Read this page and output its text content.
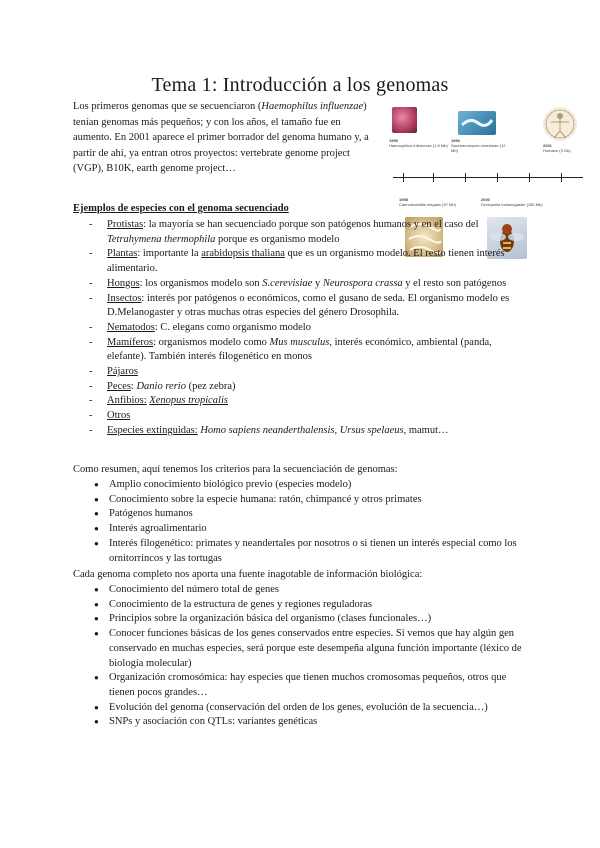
Tema 1: Introducción a los genomas
Los primeros genomas que se secuenciaron (Haemophilus influenzae) tenían genomas más pequeños; y con los años, el tamaño fue en aumento. En 2001 aparece el primer borrador del genoma humano y, a partir de ahí, ya entran otros proyectos: vertebrate genome project (VGP), B10K, earth genome project…
1995
Haemophilus influenzae (1.8 Mb)
1996
Saccharomyces cerevisiae (12 Mb)
2001
Humano (3 Gb)
1998
Caenorhabditis elegans (97 Mb)
2000
Drosophila melanogaster (180 Mb)
Ejemplos de especies con el genoma secuenciado
- Protistas: la mayoría se han secuenciado porque son patógenos humanos y en el caso del Tetrahymena thermophila porque es organismo modelo
- Plantas: importante la arabidopsis thaliana que es un organismo modelo. El resto tienen interés alimentario.
- Hongos: los organismos modelo son S.cerevisiae y Neurospora crassa y el resto son patógenos
- Insectos: interés por patógenos o económicos, como el gusano de seda. El organismo modelo es D.Melanogaster y otras muchas otras especies del género Drosophila.
- Nematodos: C. elegans como organismo modelo
- Mamíferos: organismos modelo como Mus musculus, interés económico, ambiental (panda, elefante). También interés filogenético en monos
- Pájaros
- Peces: Danio rerio (pez zebra)
- Anfibios: Xenopus tropicalis
- Otros
- Especies extinguidas: Homo sapiens neanderthalensis, Ursus spelaeus, mamut…
Como resumen, aquí tenemos los criterios para la secuenciación de genomas:
● Amplio conocimiento biológico previo (especies modelo)
● Conocimiento sobre la especie humana: ratón, chimpancé y otros primates
● Patógenos humanos
● Interés agroalimentario
● Interés filogenético: primates y neandertales por nosotros o si tienen un interés especial como los ornitorrincos y las tortugas
Cada genoma completo nos aporta una fuente inagotable de información biológica:
● Conocimiento del número total de genes
● Conocimiento de la estructura de genes y regiones reguladoras
● Principios sobre la organización básica del organismo (clases funcionales…)
● Conocer funciones básicas de los genes conservados entre especies. Si vemos que hay algún gen conservado en muchas especies, será porque este desempeña alguna función importante (léxico de biología molecular)
● Organización cromosómica: hay especies que tienen muchos cromosomas pequeños, otros que tienen pocos grandes…
● Evolución del genoma (conservación del orden de los genes, evolución de la secuencia…)
● SNPs y asociación con QTLs: variantes genéticas
